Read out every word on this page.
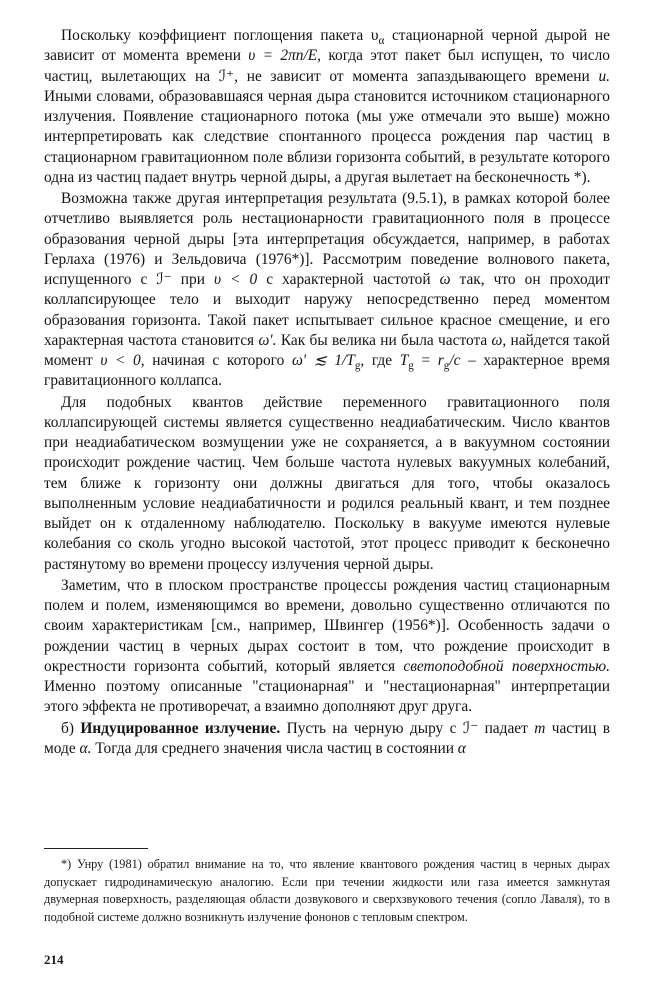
Поскольку коэффициент поглощения пакета $\upsilon_\alpha$ стационарной черной дырой не зависит от момента времени υ = 2πn/E, когда этот пакет был испущен, то число частиц, вылетающих на ℐ⁺, не зависит от момента запаздывающего времени u. Иными словами, образовавшаяся черная дыра становится источником стационарного излучения. Появление стационарного потока (мы уже отмечали это выше) можно интерпретировать как следствие спонтанного процесса рождения пар частиц в стационарном гравитационном поле вблизи горизонта событий, в результате которого одна из частиц падает внутрь черной дыры, а другая вылетает на бесконечность *).

Возможна также другая интерпретация результата (9.5.1), в рамках которой более отчетливо выявляется роль нестационарности гравитационного поля в процессе образования черной дыры [эта интерпретация обсуждается, например, в работах Герлаха (1976) и Зельдовича (1976*)]. Рассмотрим поведение волнового пакета, испущенного с ℐ⁻ при υ < 0 с характерной частотой ω так, что он проходит коллапсирующее тело и выходит наружу непосредственно перед моментом образования горизонта. Такой пакет испытывает сильное красное смещение, и его характерная частота становится ω′. Как бы велика ни была частота ω, найдется такой момент υ < 0, начиная с которого ω′ ≲ $1/T_g$, где $T_g = r_g/c$ – характерное время гравитационного коллапса.

Для подобных квантов действие переменного гравитационного поля коллапсирующей системы является существенно неадиабатическим. Число квантов при неадиабатическом возмущении уже не сохраняется, а в вакуумном состоянии происходит рождение частиц. Чем больше частота нулевых вакуумных колебаний, тем ближе к горизонту они должны двигаться для того, чтобы оказалось выполненным условие неадиабатичности и родился реальный квант, и тем позднее выйдет он к отдаленному наблюдателю. Поскольку в вакууме имеются нулевые колебания со сколь угодно высокой частотой, этот процесс приводит к бесконечно растянутому во времени процессу излучения черной дыры.

Заметим, что в плоском пространстве процессы рождения частиц стационарным полем и полем, изменяющимся во времени, довольно существенно отличаются по своим характеристикам [см., например, Швингер (1956*)]. Особенность задачи о рождении частиц в черных дырах состоит в том, что рождение происходит в окрестности горизонта событий, который является светоподобной поверхностью. Именно поэтому описанные "стационарная" и "нестационарная" интерпретации этого эффекта не противоречат, а взаимно дополняют друг друга.

б) Индуцированное излучение. Пусть на черную дыру с ℐ⁻ падает m частиц в моде α. Тогда для среднего значения числа частиц в состоянии α

*) Унру (1981) обратил внимание на то, что явление квантового рождения частиц в черных дырах допускает гидродинамическую аналогию. Если при течении жидкости или газа имеется замкнутая двумерная поверхность, разделяющая области дозвукового и сверхзвукового течения (сопло Лаваля), то в подобной системе должно возникнуть излучение фононов с тепловым спектром.

214
